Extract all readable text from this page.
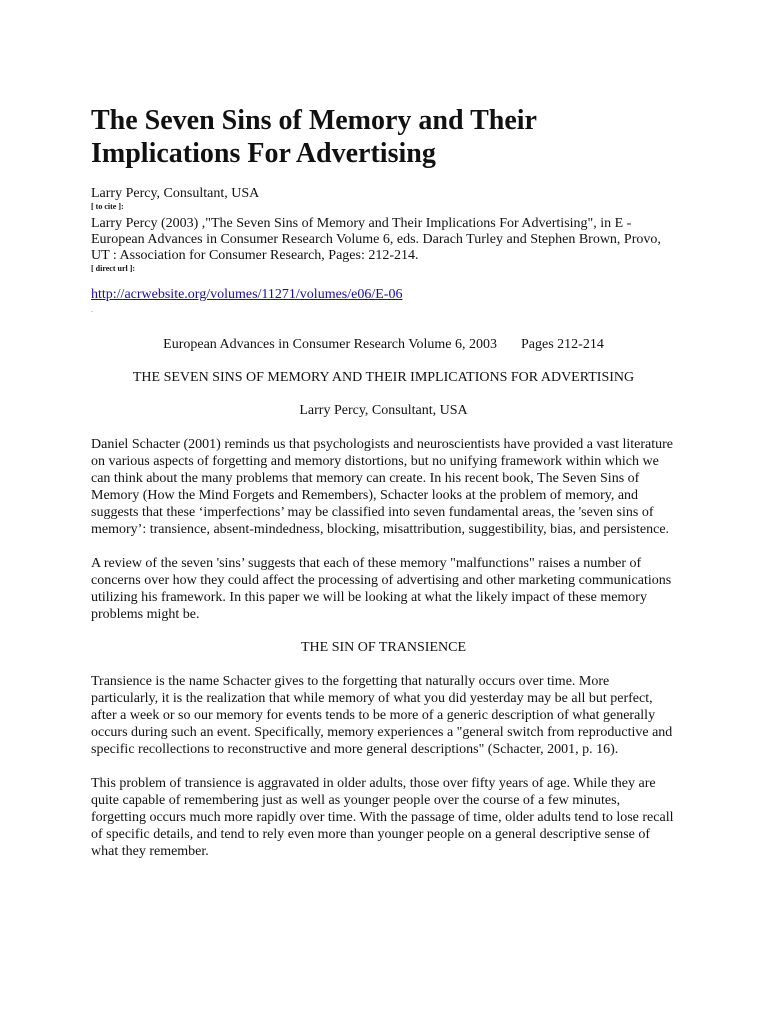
The Seven Sins of Memory and Their
Implications For Advertising
Larry Percy, Consultant, USA
[ to cite ]:
Larry Percy (2003) ,"The Seven Sins of Memory and Their Implications For Advertising", in E - European Advances in Consumer Research Volume 6, eds. Darach Turley and Stephen Brown, Provo, UT : Association for Consumer Research, Pages: 212-214.
[ direct url ]:
http://acrwebsite.org/volumes/11271/volumes/e06/E-06
.
European Advances in Consumer Research Volume 6, 2003 Pages 212-214
THE SEVEN SINS OF MEMORY AND THEIR IMPLICATIONS FOR ADVERTISING
Larry Percy, Consultant, USA

Daniel Schacter (2001) reminds us that psychologists and neuroscientists have provided a vast literature on various aspects of forgetting and memory distortions, but no unifying framework within which we can think about the many problems that memory can create. In his recent book, The Seven Sins of Memory (How the Mind Forgets and Remembers), Schacter looks at the problem of memory, and suggests that these ‘imperfections’ may be classified into seven fundamental areas, the 'seven sins of memory’: transience, absent-mindedness, blocking, misattribution, suggestibility, bias, and persistence.

A review of the seven 'sins’ suggests that each of these memory "malfunctions" raises a number of concerns over how they could affect the processing of advertising and other marketing communications utilizing his framework. In this paper we will be looking at what the likely impact of these memory problems might be.

THE SIN OF TRANSIENCE

Transience is the name Schacter gives to the forgetting that naturally occurs over time. More particularly, it is the realization that while memory of what you did yesterday may be all but perfect, after a week or so our memory for events tends to be more of a generic description of what generally occurs during such an event. Specifically, memory experiences a "general switch from reproductive and specific recollections to reconstructive and more general descriptions" (Schacter, 2001, p. 16).

This problem of transience is aggravated in older adults, those over fifty years of age. While they are quite capable of remembering just as well as younger people over the course of a few minutes, forgetting occurs much more rapidly over time. With the passage of time, older adults tend to lose recall of specific details, and tend to rely even more than younger people on a general descriptive sense of what they remember.
